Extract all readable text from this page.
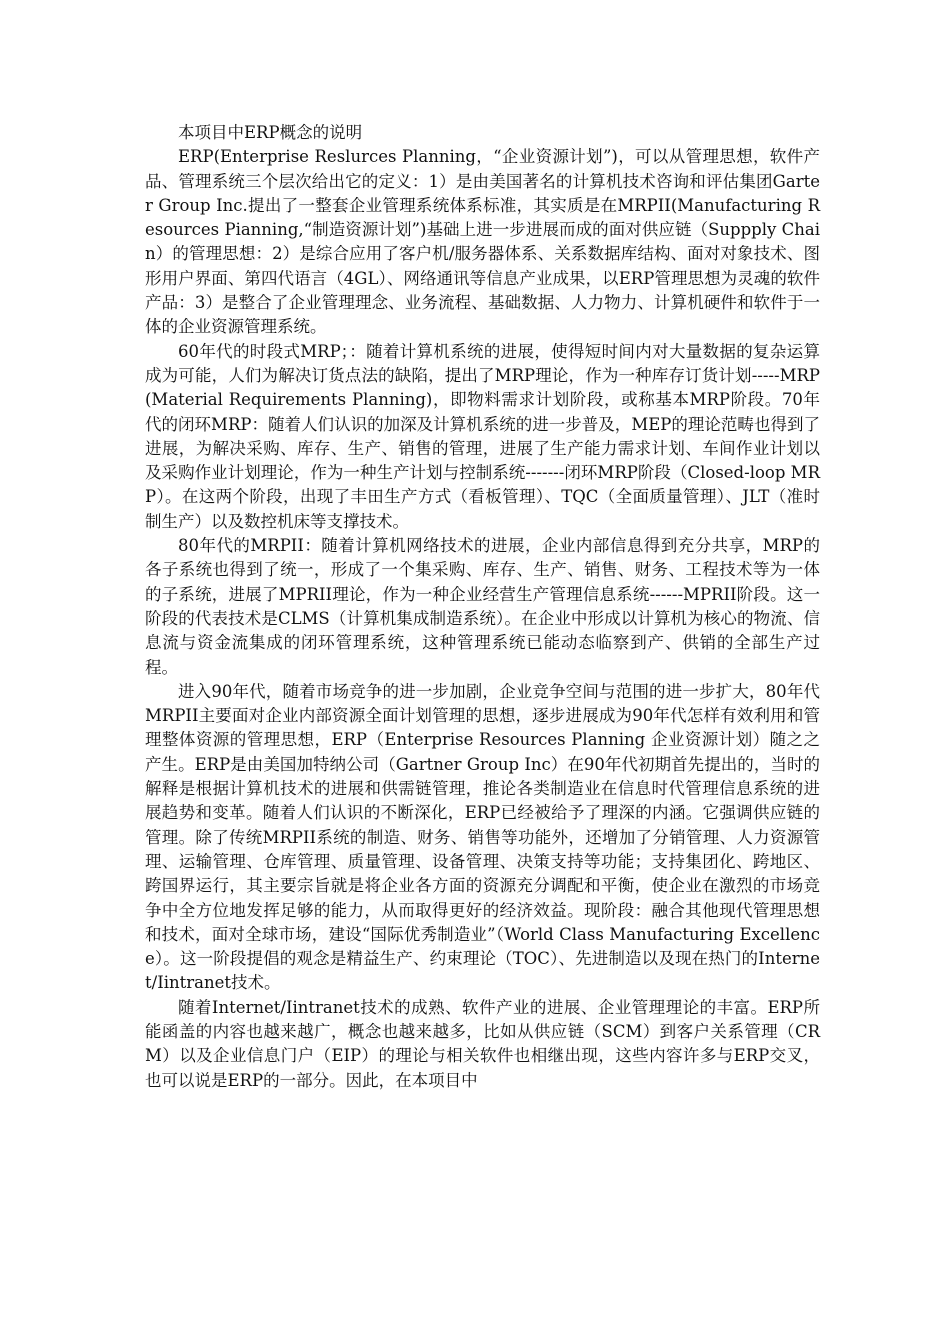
本项目中ERP概念的说明

ERP(Enterprise Reslurces Planning，“企业资源计划”)，可以从管理思想，软件产品、管理系统三个层次给出它的定义：1）是由美国著名的计算机技术咨询和评估集团Garter Group Inc.提出了一整套企业管理系统体系标准，其实质是在MRPII(Manufacturing Resources Pianning,“制造资源计划”)基础上进一步进展而成的面对供应链（Suppply Chain）的管理思想：2）是综合应用了客户机/服务器体系、关系数据库结构、面对对象技术、图形用户界面、第四代语言（4GL）、网络通讯等信息产业成果，以ERP管理思想为灵魂的软件产品：3）是整合了企业管理理念、业务流程、基础数据、人力物力、计算机硬件和软件于一体的企业资源管理系统。

60年代的时段式MRP；：随着计算机系统的进展，使得短时间内对大量数据的复杂运算成为可能，人们为解决订货点法的缺陷，提出了MRP理论，作为一种库存订货计划-----MRP(Material Requirements Planning)，即物料需求计划阶段，或称基本MRP阶段。70年代的闭环MRP：随着人们认识的加深及计算机系统的进一步普及，MEP的理论范畴也得到了进展，为解决采购、库存、生产、销售的管理，进展了生产能力需求计划、车间作业计划以及采购作业计划理论，作为一种生产计划与控制系统-------闭环MRP阶段（Closed-loop MRP）。在这两个阶段，出现了丰田生产方式（看板管理）、TQC（全面质量管理）、JLT（准时制生产）以及数控机床等支撑技术。

80年代的MRPII：随着计算机网络技术的进展，企业内部信息得到充分共享，MRP的各子系统也得到了统一，形成了一个集采购、库存、生产、销售、财务、工程技术等为一体的子系统，进展了MPRII理论，作为一种企业经营生产管理信息系统------MPRII阶段。这一阶段的代表技术是CLMS（计算机集成制造系统）。在企业中形成以计算机为核心的物流、信息流与资金流集成的闭环管理系统，这种管理系统已能动态临察到产、供销的全部生产过程。

进入90年代，随着市场竞争的进一步加剧，企业竞争空间与范围的进一步扩大，80年代MRPII主要面对企业内部资源全面计划管理的思想，逐步进展成为90年代怎样有效利用和管理整体资源的管理思想，ERP（Enterprise Resources Planning 企业资源计划）随之之产生。ERP是由美国加特纳公司（Gartner Group Inc）在90年代初期首先提出的，当时的解释是根据计算机技术的进展和供需链管理，推论各类制造业在信息时代管理信息系统的进展趋势和变革。随着人们认识的不断深化，ERP已经被给予了理深的内涵。它强调供应链的管理。除了传统MRPII系统的制造、财务、销售等功能外，还增加了分销管理、人力资源管理、运输管理、仓库管理、质量管理、设备管理、决策支持等功能；支持集团化、跨地区、跨国界运行，其主要宗旨就是将企业各方面的资源充分调配和平衡，使企业在激烈的市场竞争中全方位地发挥足够的能力，从而取得更好的经济效益。现阶段：融合其他现代管理思想和技术，面对全球市场，建设“国际优秀制造业”（World Class Manufacturing Excellence）。这一阶段提倡的观念是精益生产、约束理论（TOC）、先进制造以及现在热门的Internet/Iintranet技术。

随着Internet/Iintranet技术的成熟、软件产业的进展、企业管理理论的丰富。ERP所能函盖的内容也越来越广，概念也越来越多，比如从供应链（SCM）到客户关系管理（CRM）以及企业信息门户（EIP）的理论与相关软件也相继出现，这些内容许多与ERP交叉，也可以说是ERP的一部分。因此，在本项目中
